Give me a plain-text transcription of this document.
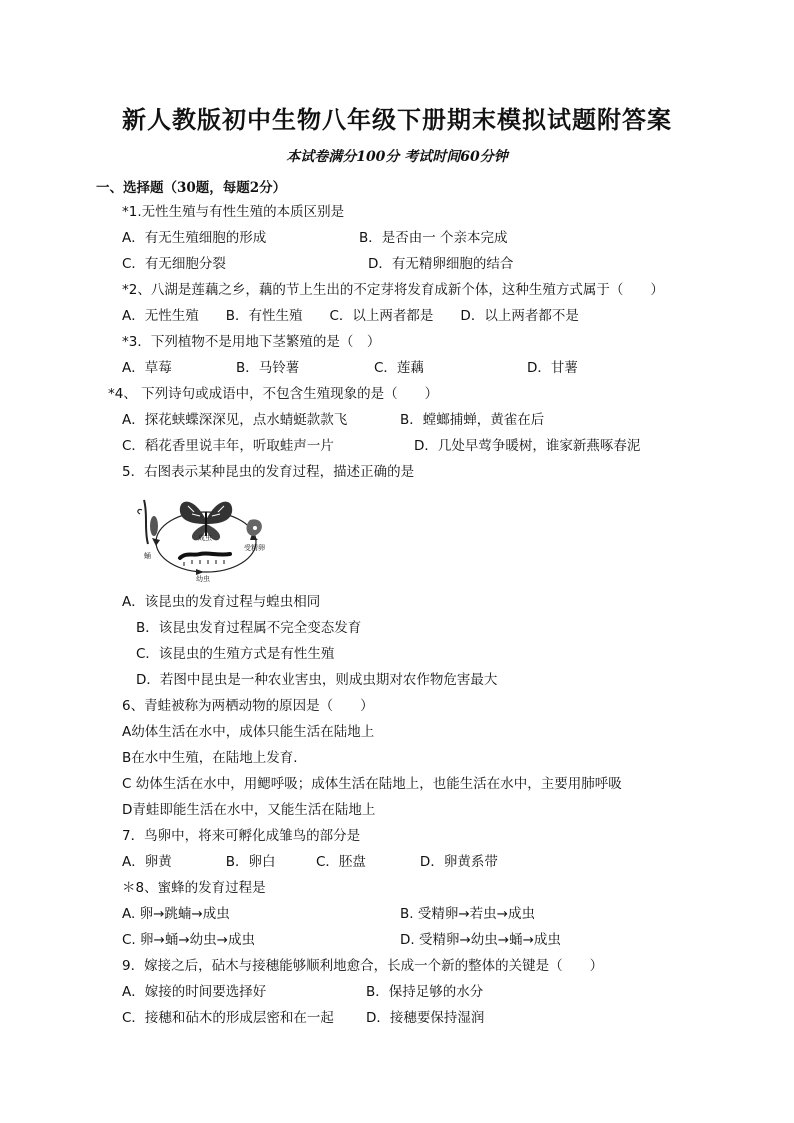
新人教版初中生物八年级下册期末模拟试题附答案
本试卷满分100分 考试时间60分钟
一、选择题（30题，每题2分）
*1.无性生殖与有性生殖的本质区别是
A．有无生殖细胞的形成	B．是否由一 个亲本完成
C．有无细胞分裂	D．有无精卵细胞的结合
*2、八湖是莲藕之乡，藕的节上生出的不定芽将发育成新个体，这种生殖方式属于（　　）
A．无性生殖　　B．有性生殖　　C．以上两者都是　　D．以上两者都不是
*3．下列植物不是用地下茎繁殖的是（　）
A．草莓	B．马铃薯	C．莲藕	D．甘薯
*4、 下列诗句或成语中，不包含生殖现象的是（　　）
A．探花蛱蝶深深见，点水蜻蜓款款飞	B．螳螂捕蝉，黄雀在后
C．稻花香里说丰年，听取蛙声一片	D．几处早莺争暖树，谁家新燕啄春泥
5．右图表示某种昆虫的发育过程，描述正确的是
成虫
受精卵
幼虫
蛹
A．该昆虫的发育过程与蝗虫相同
B．该昆虫发育过程属不完全变态发育
C．该昆虫的生殖方式是有性生殖
D．若图中昆虫是一种农业害虫，则成虫期对农作物危害最大
6、青蛙被称为两栖动物的原因是（　　）
A幼体生活在水中，成体只能生活在陆地上
B在水中生殖，在陆地上发育.
C 幼体生活在水中，用鳃呼吸；成体生活在陆地上，也能生活在水中，主要用肺呼吸
D青蛙即能生活在水中，又能生活在陆地上
7．鸟卵中，将来可孵化成雏鸟的部分是
A．卵黄　　　　B．卵白　　　C．胚盘　　　　D．卵黄系带
＊8、蜜蜂的发育过程是
A. 卵→跳蝻→成虫	B. 受精卵→若虫→成虫
C. 卵→蛹→幼虫→成虫	D. 受精卵→幼虫→蛹→成虫
9．嫁接之后，砧木与接穗能够顺利地愈合，长成一个新的整体的关键是（　　）
A．嫁接的时间要选择好	B．保持足够的水分
C．接穗和砧木的形成层密和在一起 D．接穗要保持湿润
